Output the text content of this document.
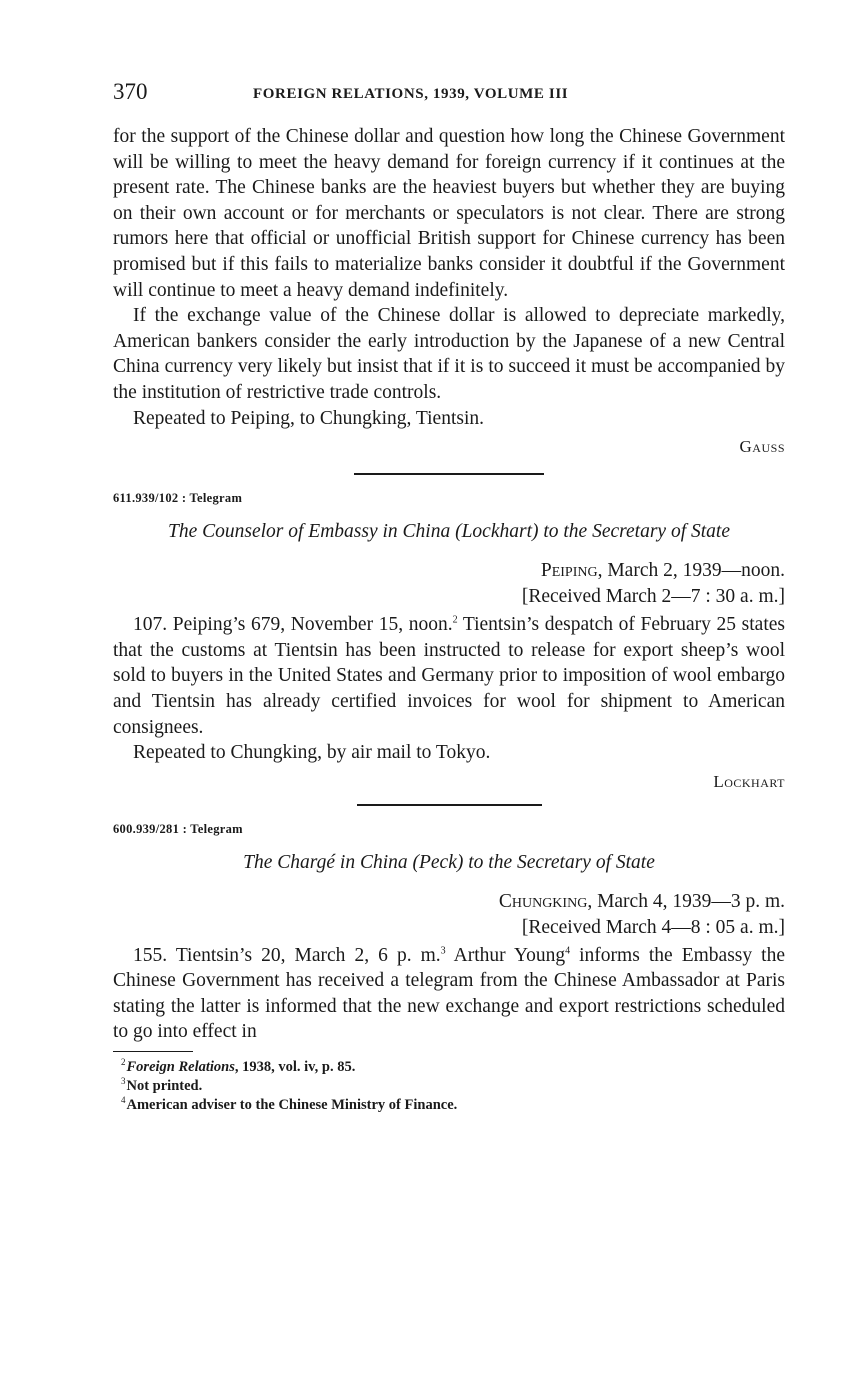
370	FOREIGN RELATIONS, 1939, VOLUME III

for the support of the Chinese dollar and question how long the Chinese Government will be willing to meet the heavy demand for foreign currency if it continues at the present rate. The Chinese banks are the heaviest buyers but whether they are buying on their own account or for merchants or speculators is not clear. There are strong rumors here that official or unofficial British support for Chinese currency has been promised but if this fails to materialize banks consider it doubtful if the Government will continue to meet a heavy demand indefinitely.

If the exchange value of the Chinese dollar is allowed to depreciate markedly, American bankers consider the early introduction by the Japanese of a new Central China currency very likely but insist that if it is to succeed it must be accompanied by the institution of restrictive trade controls.

Repeated to Peiping, to Chungking, Tientsin.

Gauss
611.939/102 : Telegram
The Counselor of Embassy in China (Lockhart) to the Secretary of State
Peiping, March 2, 1939—noon.
[Received March 2—7 : 30 a. m.]

107. Peiping’s 679, November 15, noon.$^2$ Tientsin’s despatch of February 25 states that the customs at Tientsin has been instructed to release for export sheep’s wool sold to buyers in the United States and Germany prior to imposition of wool embargo and Tientsin has already certified invoices for wool for shipment to American consignees.

Repeated to Chungking, by air mail to Tokyo.

Lockhart
600.939/281 : Telegram
The Chargé in China (Peck) to the Secretary of State
Chungking, March 4, 1939—3 p. m.
[Received March 4—8 : 05 a. m.]

155. Tientsin’s 20, March 2, 6 p. m.$^3$ Arthur Young$^4$ informs the Embassy the Chinese Government has received a telegram from the Chinese Ambassador at Paris stating the latter is informed that the new exchange and export restrictions scheduled to go into effect in

$^2$Foreign Relations, 1938, vol. iv, p. 85.
$^3$Not printed.
$^4$American adviser to the Chinese Ministry of Finance.
